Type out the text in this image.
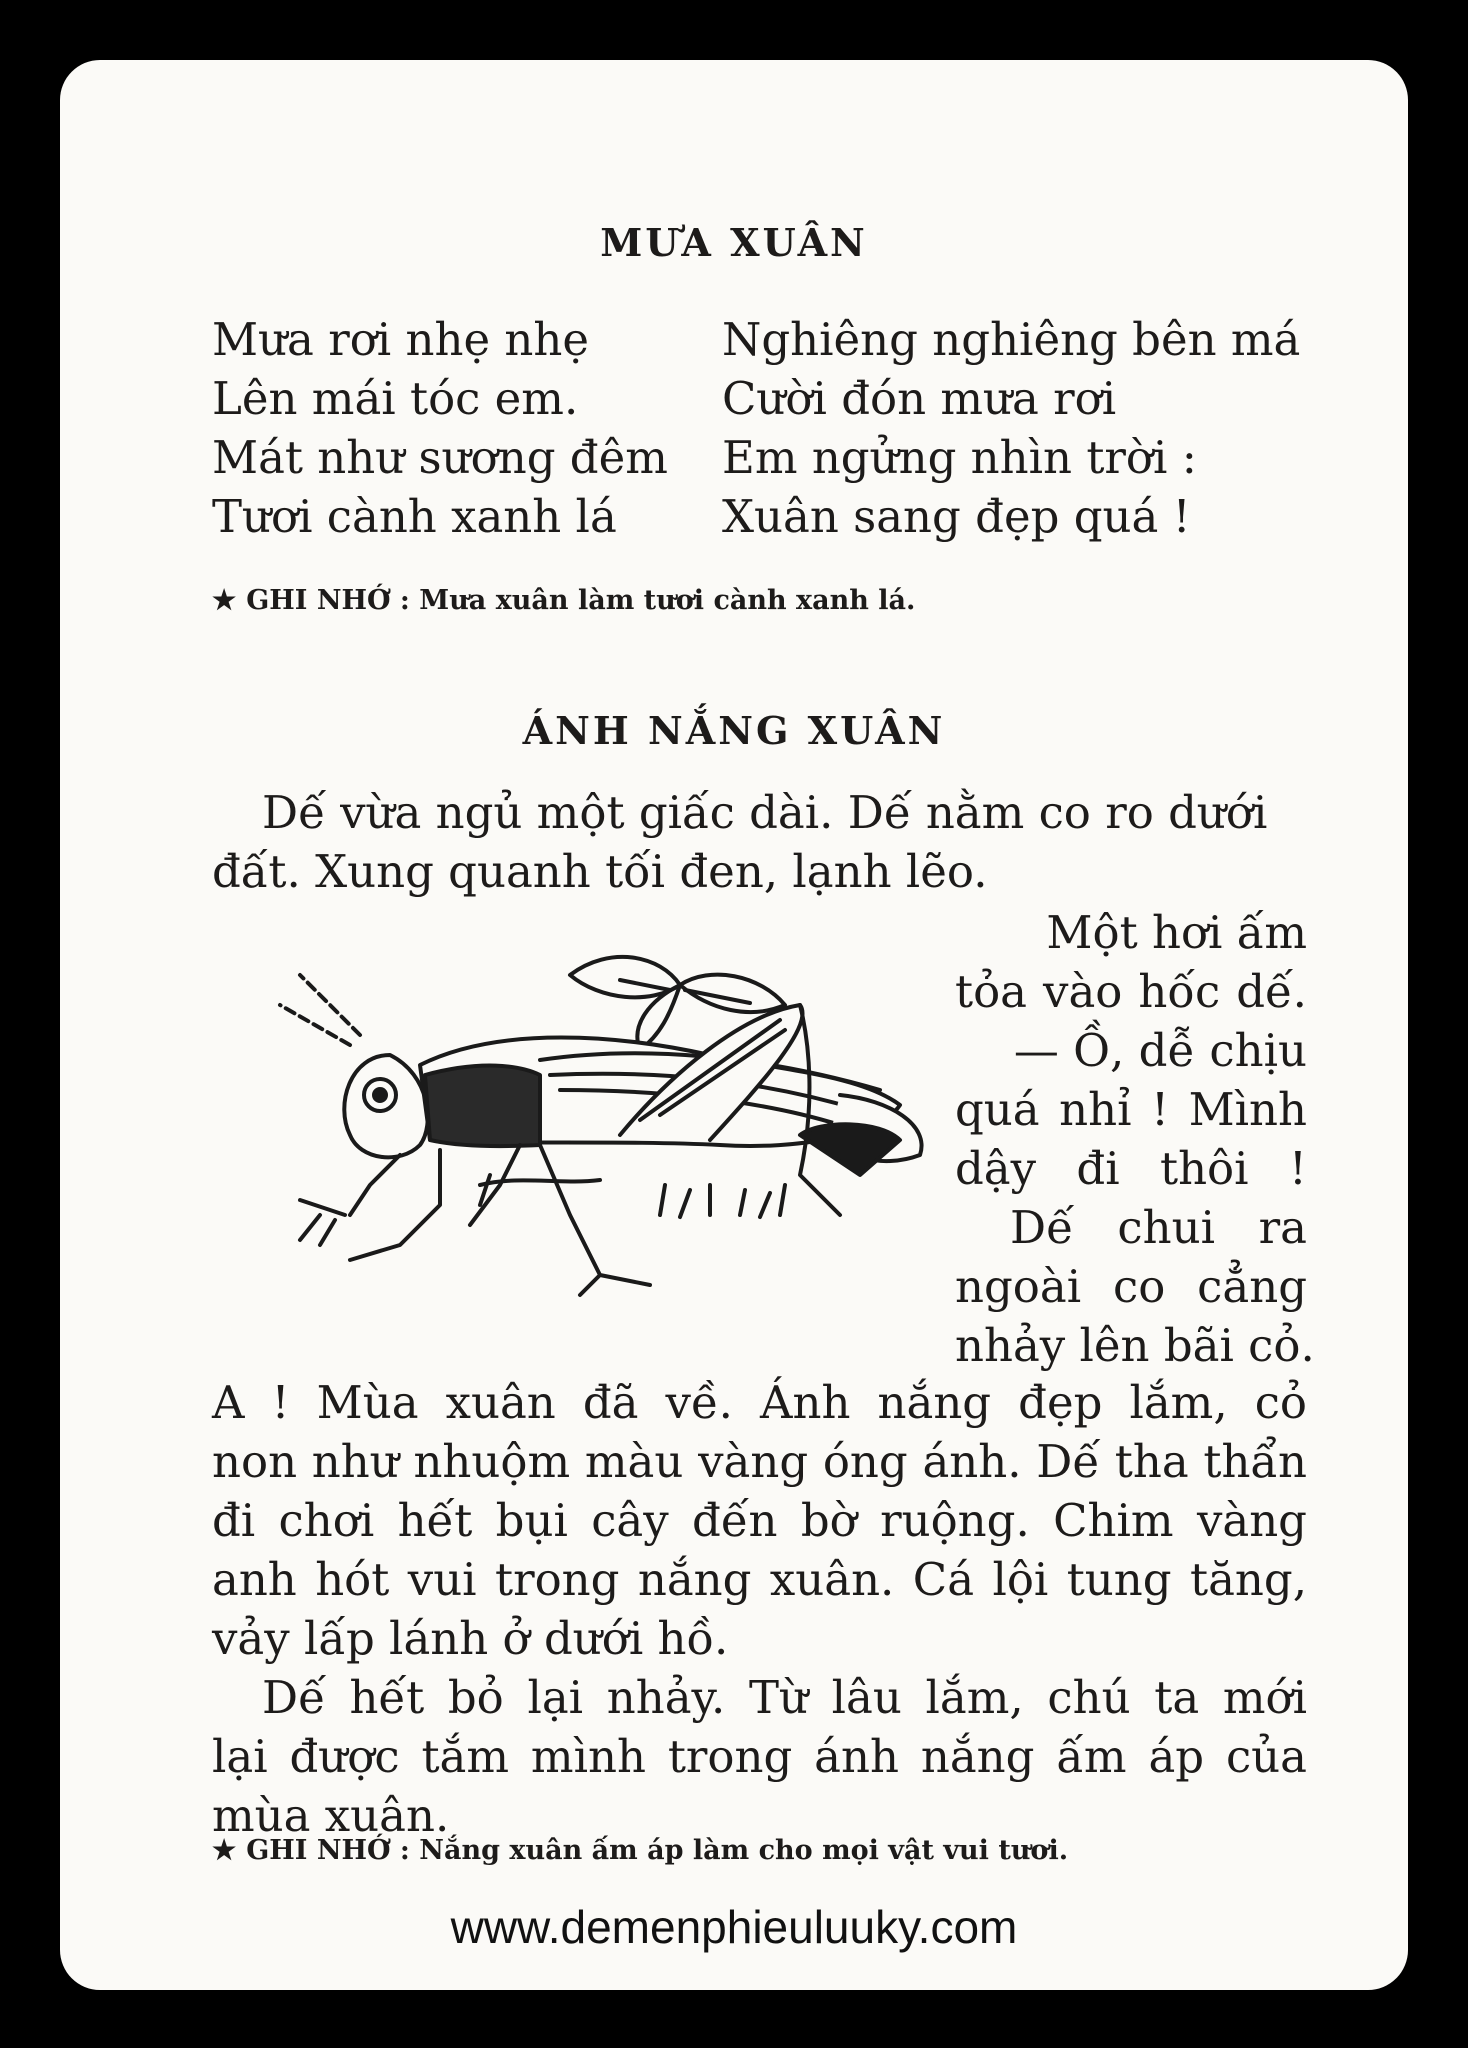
MƯA XUÂN
Mưa rơi nhẹ nhẹ
Lên mái tóc em.
Mát như sương đêm
Tươi cành xanh lá
Nghiêng nghiêng bên má
Cười đón mưa rơi
Em ngửng nhìn trời :
Xuân sang đẹp quá !
★ GHI NHỚ : Mưa xuân làm tươi cành xanh lá.
ÁNH NẮNG XUÂN
Dế vừa ngủ một giấc dài. Dế nằm co ro dưới
đất. Xung quanh tối đen, lạnh lẽo.
Một hơi ấm
tỏa vào hốc dế.
— Ồ, dễ chịu
quá nhỉ ! Mình
dậy đi thôi !
Dế chui ra
ngoài co cẳng
nhảy lên bãi cỏ.
A ! Mùa xuân đã về. Ánh nắng đẹp lắm, cỏ
non như nhuộm màu vàng óng ánh. Dế tha thẩn
đi chơi hết bụi cây đến bờ ruộng. Chim vàng
anh hót vui trong nắng xuân. Cá lội tung tăng,
vảy lấp lánh ở dưới hồ.
Dế hết bỏ lại nhảy. Từ lâu lắm, chú ta mới
lại được tắm mình trong ánh nắng ấm áp của
mùa xuân.
★ GHI NHỚ : Nắng xuân ấm áp làm cho mọi vật vui tươi.
www.demenphieuluuky.com
